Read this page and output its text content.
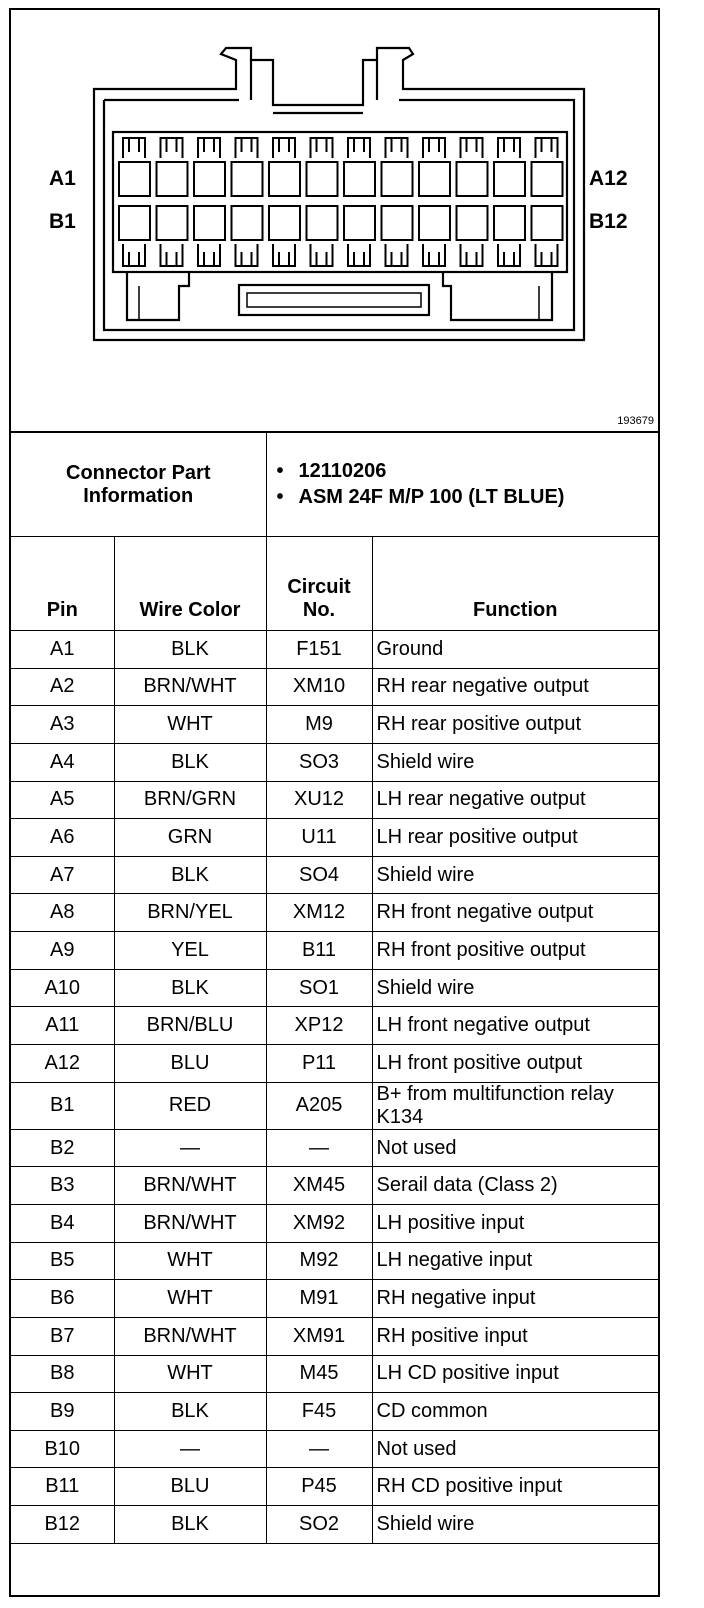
A1
B1
A12
B12
193679
Connector Part Information	
• 12110206
• ASM 24F M/P 100 (LT BLUE)
Pin	Wire Color	Circuit No.	Function
A1	BLK	F151	Ground
A2	BRN/WHT	XM10	RH rear negative output
A3	WHT	M9	RH rear positive output
A4	BLK	SO3	Shield wire
A5	BRN/GRN	XU12	LH rear negative output
A6	GRN	U11	LH rear positive output
A7	BLK	SO4	Shield wire
A8	BRN/YEL	XM12	RH front negative output
A9	YEL	B11	RH front positive output
A10	BLK	SO1	Shield wire
A11	BRN/BLU	XP12	LH front negative output
A12	BLU	P11	LH front positive output
B1	RED	A205	B+ from multifunction relay K134
B2	—	—	Not used
B3	BRN/WHT	XM45	Serail data (Class 2)
B4	BRN/WHT	XM92	LH positive input
B5	WHT	M92	LH negative input
B6	WHT	M91	RH negative input
B7	BRN/WHT	XM91	RH positive input
B8	WHT	M45	LH CD positive input
B9	BLK	F45	CD common
B10	—	—	Not used
B11	BLU	P45	RH CD positive input
B12	BLK	SO2	Shield wire
